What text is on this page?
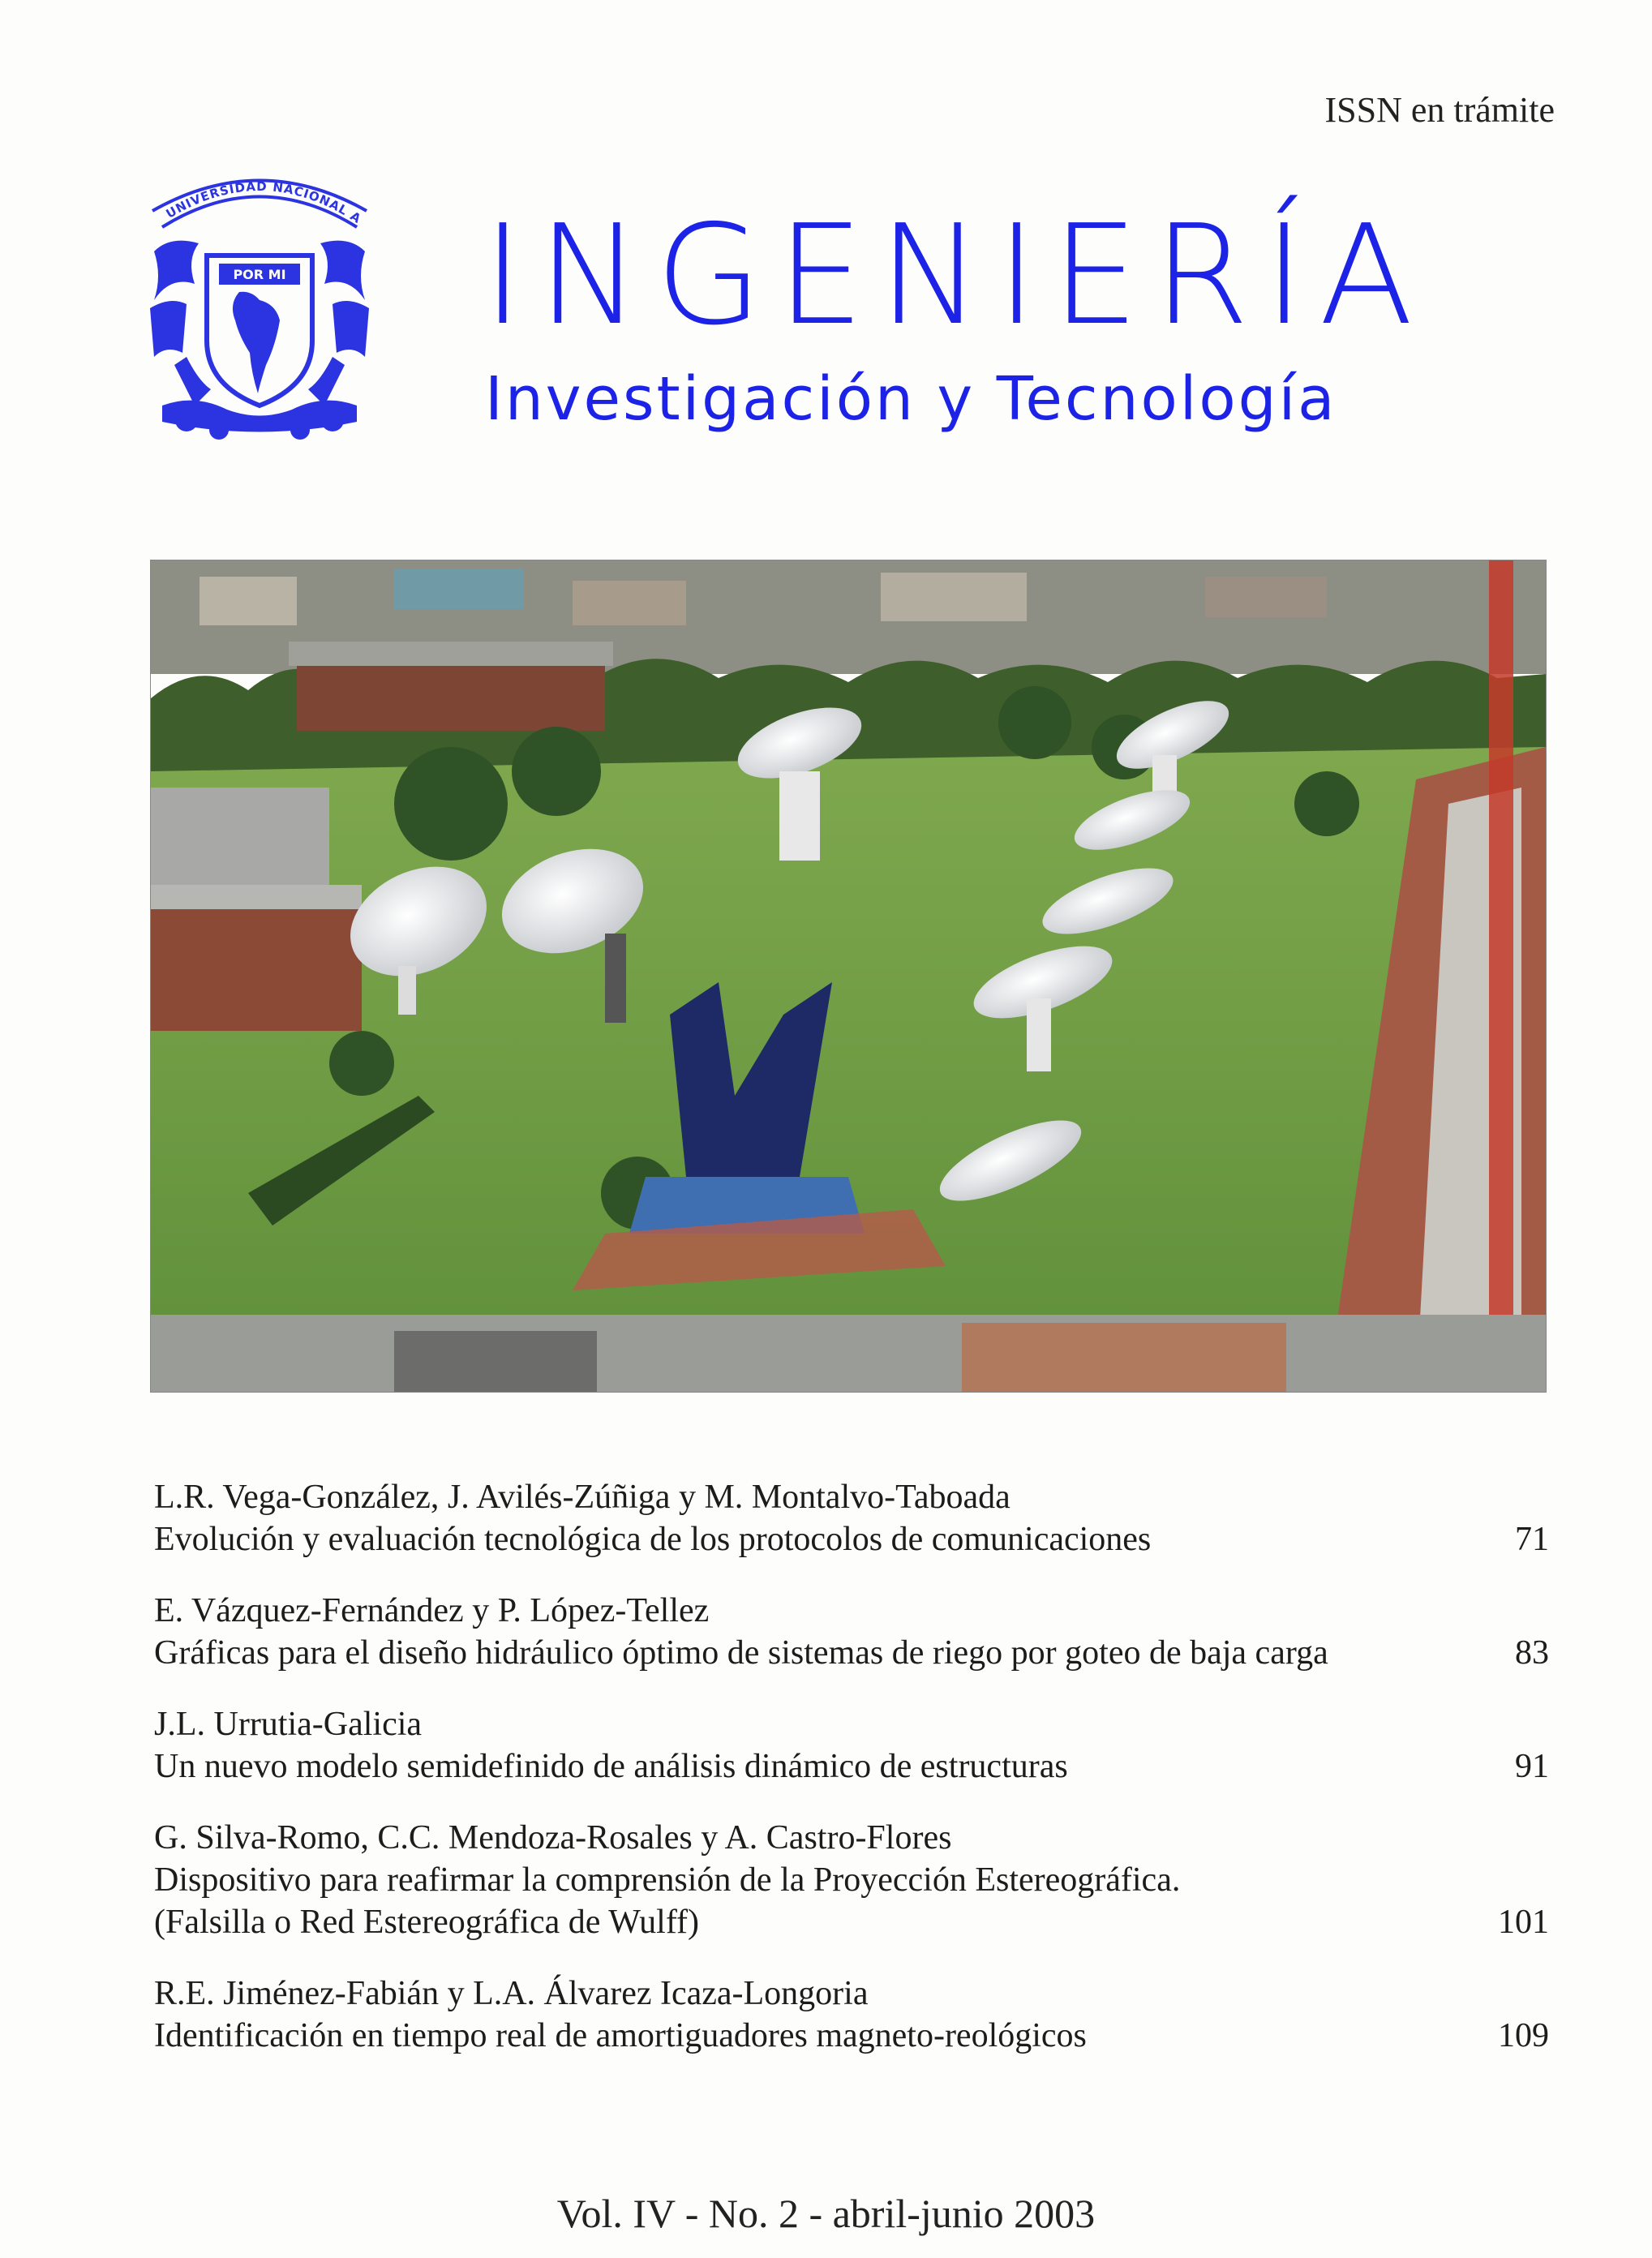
ISSN en trámite
UNIVERSIDAD NACIONAL A
POR MI INGENIERÍA
Investigación y Tecnología
L.R. Vega-González, J. Avilés-Zúñiga y M. Montalvo-Taboada
Evolución y evaluación tecnológica de los protocolos de comunicaciones	71
E. Vázquez-Fernández y P. López-Tellez
Gráficas para el diseño hidráulico óptimo de sistemas de riego por goteo de baja carga	83
J.L. Urrutia-Galicia
Un nuevo modelo semidefinido de análisis dinámico de estructuras	91
G. Silva-Romo, C.C. Mendoza-Rosales y A. Castro-Flores
Dispositivo para reafirmar la comprensión de la Proyección Estereográfica.
(Falsilla o Red Estereográfica de Wulff)	101
R.E. Jiménez-Fabián y L.A. Álvarez Icaza-Longoria
Identificación en tiempo real de amortiguadores magneto-reológicos	109
Vol. IV - No. 2 - abril-junio 2003
